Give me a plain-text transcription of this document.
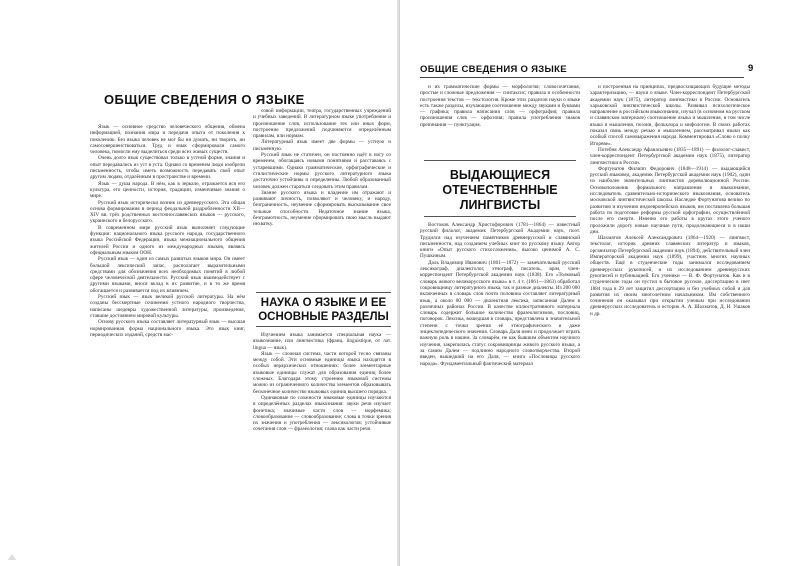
ОБЩИЕ СВЕДЕНИЯ О ЯЗЫКЕ

Язык — основное средство человеческого общения, обмена информацией, познания мира и передачи опыта от поколения к поколению. Без языка человек не мог бы ни думать, ни творить, ни самосовершенствоваться. Труд и язык сформировали самого человека, помогли ему выделиться среди всех живых существ.

Очень долго язык существовал только в устной форме, знания и опыт передавались из уст в уста. Однако со временем люди изобрели письменность, чтобы иметь возможность передавать свой опыт другим людям, отдалённым в пространстве и времени.

Язык — душа народа. В нём, как в зеркале, отражается вся его культура, его ценности, история, традиции, изменчивые знания о мире.

Русский язык исторически возник из древнерусского. Эта общая основа формирования в период феодальной раздробленности XII—XIV вв. трёх родственных восточнославянских языков — русского, украинского и белорусского.

В современном мире русский язык выполняет следующие функции: национального языка русского народа, государственного языка Российской Федерации, языка межнационального общения жителей России и одного из международных языков, являясь официальным языком ООН.

Русский язык — один из самых развитых языков мира. Он имеет большой лексический запас, располагает выразительными средствами для обозначения всех необходимых понятий в любой сфере человеческой деятельности. Русский язык взаимодействует с другими языками, внося вклад в их развитие, и в то же время обогащается и развивается под их влиянием.

Русский язык — язык великой русской литературы. На нём созданы бессмертные сочинения устного народного творчества, написаны шедевры художественной литературы, произведения, ставшие достоянием мировой культуры.

Основу русского языка составляет литературный язык — высшая нормированная форма национального языка. Это язык книг, периодических изданий, средств мас-

совой информации, театра, государственных учреждений и учебных заведений. В литературном языке употребление и произношение слов, использование тех или иных форм, построение предложений подчиняются определённым правилам, или нормам.

Литературный язык имеет две формы — устную и письменную.

Русский язык не статичен, он постоянно идёт в ногу со временем, обогащаясь новыми понятиями и расставаясь с устаревшими. Однако грамматические, орфографические и стилистические нормы русского литературного языка достаточно устойчивы и определенны. Любой образованный человек должен стараться следовать этим правилам.

Знание русского языка и владение им отражают и развивают личность, позволяют и человеку, и народу, безграничность, неумение сформировать высказывание свое тельные способности. Недаточное знание языка, безграмотность, неумение сформировать свою мысль выдают нехватку.

НАУКА О ЯЗЫКЕ И ЕЕ ОСНОВНЫЕ РАЗДЕЛЫ

Изучением языка занимается специальная наука — языкознание, или лингвистика (франц. linguistique, от лат. lingua — язык).

Язык — сложная система, части которой тесно связаны между собой. Эти основные единицы языка находятся в особых иерархических отношениях: более элементарные языковые единицы служат для образования единиц более сложных. Благодаря этому строению языковой системы можно из ограниченного количества элементов образовывать бесконечное количество языковых единиц высшего порядка.

Одинаковые по сложности языковые единицы изучаются в определённых разделах языкознания: звуки речи изучает фонетика; значимые части слов — морфемика; словообразование — словообразование; слова в точки зрения их значения и употребления — лексикология; устойчивые сочетания слов — фразеология; слова как части речи

ОБЩИЕ СВЕДЕНИЯ О ЯЗЫКЕ	9

и их грамматические формы — морфология; словосочетания, простые и сложные предложения — синтаксис; правила и особенности построения текстов — текстология. Кроме этих разделов науки о языке есть также разделы, изучающие соотношение между звуками и буквами — графика; правила написания слов — орфография; правила произношения слов — орфоэпия; правила употребления знаков препинания — пунктуация.

ВЫДАЮЩИЕСЯ ОТЕЧЕСТВЕННЫЕ ЛИНГВИСТЫ

Востоков Александр Христофорович (1781—1864) — известный русский филолог, академик Петербургской Академии наук, поэт. Трудился над изучением памятников древнерусской и славянской письменности, над созданием учебных книг по русскому языку. Автор книги «Опыт русского стихосложения», высоко ценимой А. С. Пушкиным.

Даль Владимир Иванович (1801—1872) — замечательный русский лексикограф, диалектолог, этнограф, писатель, врач, член-корреспондент Петербургской академии наук (1838). Его «Толковый словарь живого великорусского языка» в т. 4 т. (1861—1863) обработал сокровищницу литературного языка, так и разные диалекты. Из 200 000 включенных в словарь слов почти половина составляет литературный язык, а около 80 000 — диалектная лексика, записанная Далем в различных районах России. В качестве иллюстративного материала словарь содержит большое количество фразеологизмов, пословиц, поговорок. Лексика, вошедшая в словарь, представлена и значительной степени с точки зрения её этнографического и даже энциклопедического значения. Словарь Даля имел и продолжает играть важную роль в нашем. За словарём, не как бывшим объектом научного изучения, закрепилась статус сокровищницы живого русского языка, а за самим Далем — подлинно народного словотворчества. Второй введен, вышедший на его Даля, — книга «Пословицы русского народа». Фундаментальный фактический материал

и построенная на принципах, предвосхищающих будущие методы характеризацию, — науки о языке. Член-корреспондент Петербургской академии наук (1875), литератор лингвистики в России. Основатель харьковской лингвистической школы. Развивал психологическое направление в российском языкознании, изучал (в основном на русском и славянском материале) соотношение языка и мышления, в том числе языка и мышления, поэзии, фольклора и мифологии. В своих работах показал связь между речью и мышлением, рассматривал языки как особый способ самовыражения народа. Комментировал «Слово о полку Игореве».

Потебня Александр Афанасьевич (1835—1891) — филолог-славист, член-корреспондент Петербургской академии наук (1875), литератор лингвистики в России.

Фортунатов Филипп Федорович (1848—1914) — выдающийся русский языковед, академик Петербургской академии наук (1902), один из наиболее значительных лингвистов дореволюционной России. Основоположник формального направления в языкознании, исследователь сравнительно-исторического языкознания, основатель московской лингвистической школы. Наследие Фортунатова велико по развитию и изучению индоевропейских языков, им поставлена большая работа по подготовке реформы русской орфографии, осуществлённой после его смерти. Именно его работы в кругах этого ученого проложили дорогу новые научные пути, продолжающиеся и в наши дни.

Шахматов Алексей Александрович (1864—1920) — лингвист, текстолог, историк древних славянских литератур и языков, организатор Петербургской академии наук (1894), действительный член Императорской академии наук (1899), участник многих научных обществ. Ещё в студенческие годы занимался исследованием древнерусских рукописей, и их исследованием древнерусских рукописей и публикацией. Его ученики — В. Ф. Фортунатов. Как и в студенческие годы он пустил в бытовое русское, диссертацию в свет 1884 года в 29 лет защитил диссертацию и без учебных собой и для развития их своим многолетним начальником. Им собственного сочинения он оказывал при открытии ученым при исследовании древнерусских исследователь и историк А. А. Шахматов, Д. Н. Ушаков и др.
